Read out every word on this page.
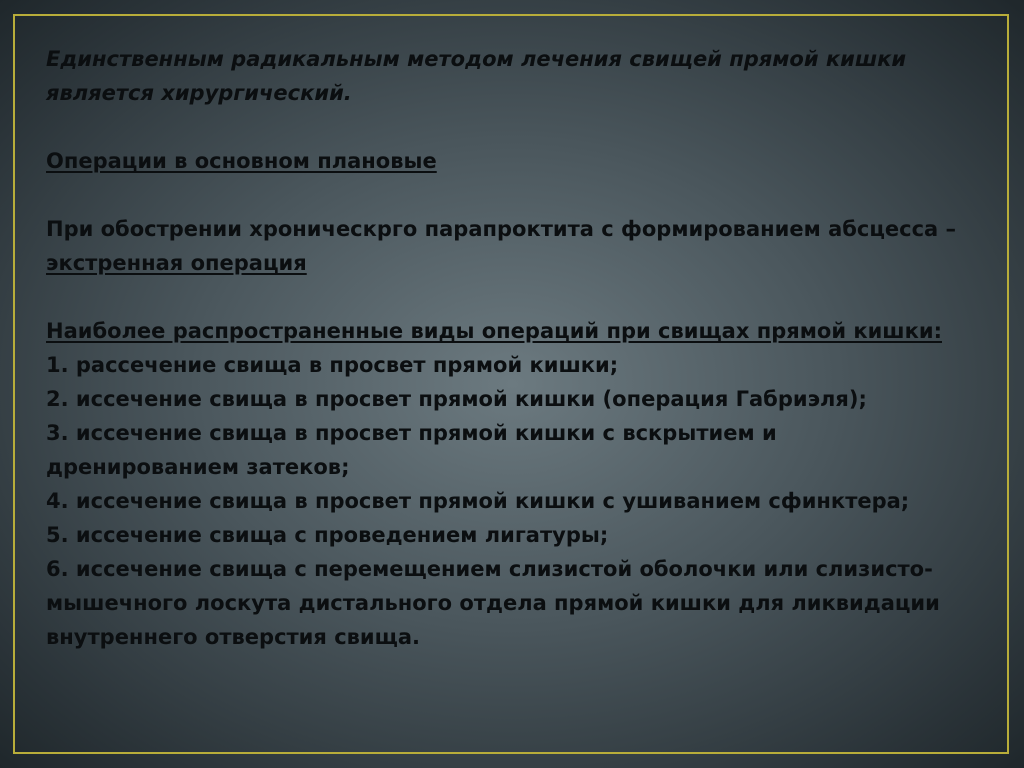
Единственным радикальным методом лечения свищей прямой кишки является хирургический.
Операции в основном плановые
При обострении хроническрго парапроктита с формированием абсцесса – экстренная операция
Наиболее распространенные виды операций при свищах прямой кишки:
1. рассечение свища в просвет прямой кишки;
2. иссечение свища в просвет прямой кишки (операция Габриэля);
3. иссечение свища в просвет прямой кишки с вскрытием и дренированием затеков;
4. иссечение свища в просвет прямой кишки с ушиванием сфинктера;
5. иссечение свища с проведением лигатуры;
6. иссечение свища с перемещением слизистой оболочки или слизисто-мышечного лоскута дистального отдела прямой кишки для ликвидации внутреннего отверстия свища.
